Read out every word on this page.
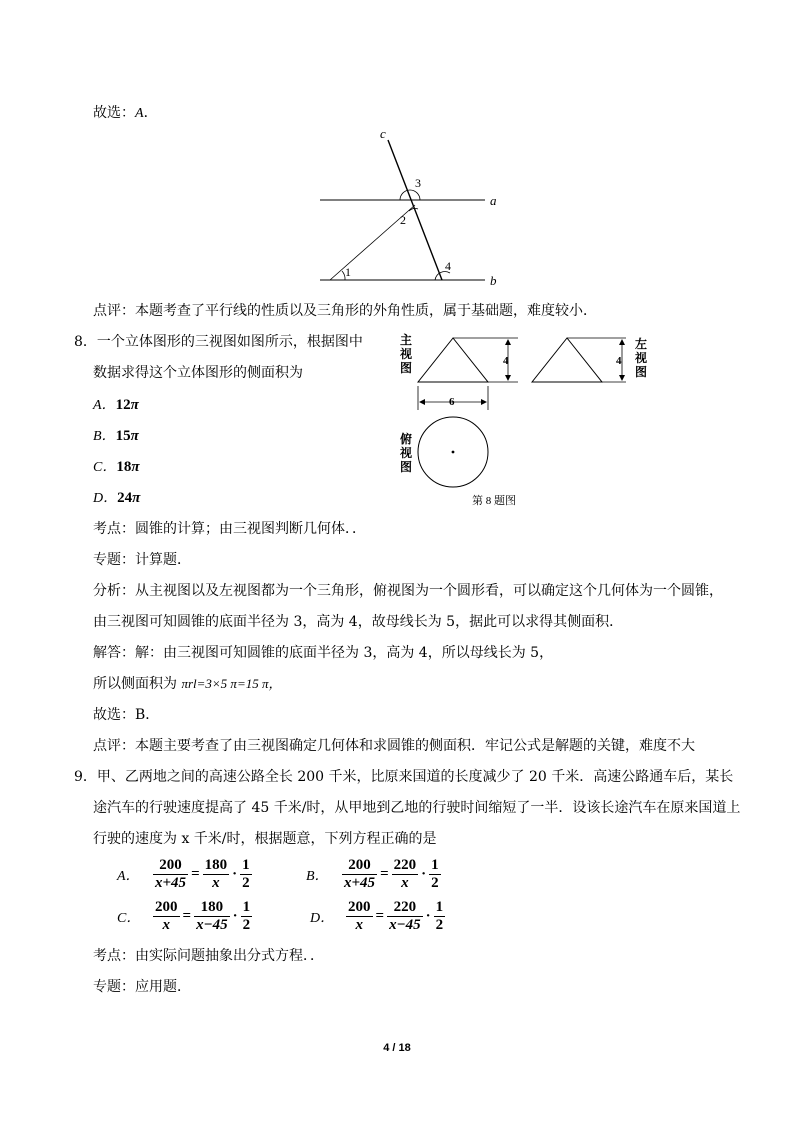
故选：A．
c
a
b
1
2
3
4
点评：本题考查了平行线的性质以及三角形的外角性质，属于基础题，难度较小．
8．一个立体图形的三视图如图所示，根据图中
数据求得这个立体图形的侧面积为
A．12π
B．15π
C．18π
D．24π
主
视
图	4
6
4
左
视
图
俯
视
图
第 8 题图
考点：圆锥的计算；由三视图判断几何体．．
专题：计算题．
分析：从主视图以及左视图都为一个三角形，俯视图为一个圆形看，可以确定这个几何体为一个圆锥，
由三视图可知圆锥的底面半径为 3，高为 4，故母线长为 5，据此可以求得其侧面积．
解答：解：由三视图可知圆锥的底面半径为 3，高为 4，所以母线长为 5，
所以侧面积为 πrl=3×5 π=15 π，
故选：B．
点评：本题主要考查了由三视图确定几何体和求圆锥的侧面积．牢记公式是解题的关键，难度不大
9．甲、乙两地之间的高速公路全长 200 千米，比原来国道的长度减少了 20 千米．高速公路通车后，某长
途汽车的行驶速度提高了 45 千米/时，从甲地到乙地的行驶时间缩短了一半．设该长途汽车在原来国道上
行驶的速度为 x 千米/时，根据题意，下列方程正确的是
A． $\frac{200}{x+45} = \frac{180}{x} \cdot \frac{1}{2}$	B． $\frac{200}{x+45} = \frac{220}{x} \cdot \frac{1}{2}$
C． $\frac{200}{x} = \frac{180}{x-45} \cdot \frac{1}{2}$	D． $\frac{200}{x} = \frac{220}{x-45} \cdot \frac{1}{2}$
考点：由实际问题抽象出分式方程．．
专题：应用题．
4 / 18
